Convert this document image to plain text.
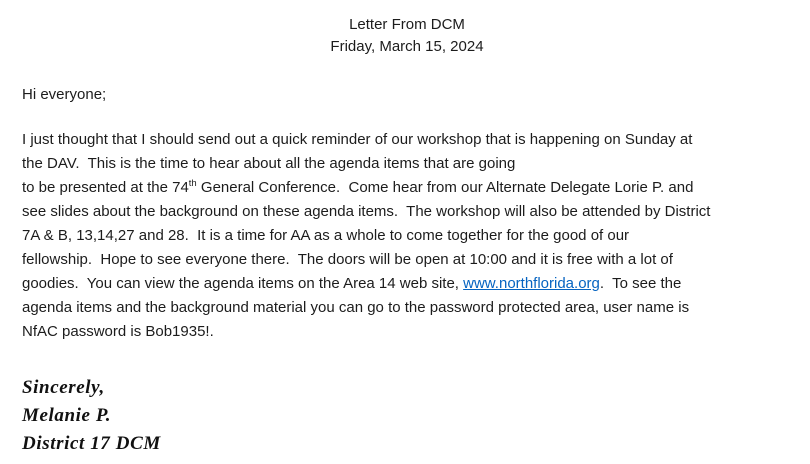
Letter From DCM
Friday, March 15, 2024

Hi everyone;

I just thought that I should send out a quick reminder of our workshop that is happening on Sunday at
the DAV.  This is the time to hear about all the agenda items that are going
to be presented at the 74th General Conference.  Come hear from our Alternate Delegate Lorie P. and
see slides about the background on these agenda items.  The workshop will also be attended by District
7A & B, 13,14,27 and 28.  It is a time for AA as a whole to come together for the good of our
fellowship.  Hope to see everyone there.  The doors will be open at 10:00 and it is free with a lot of
goodies.  You can view the agenda items on the Area 14 web site, www.northflorida.org.  To see the
agenda items and the background material you can go to the password protected area, user name is
NfAC password is Bob1935!.
Sincerely,
Melanie P.
District 17 DCM
